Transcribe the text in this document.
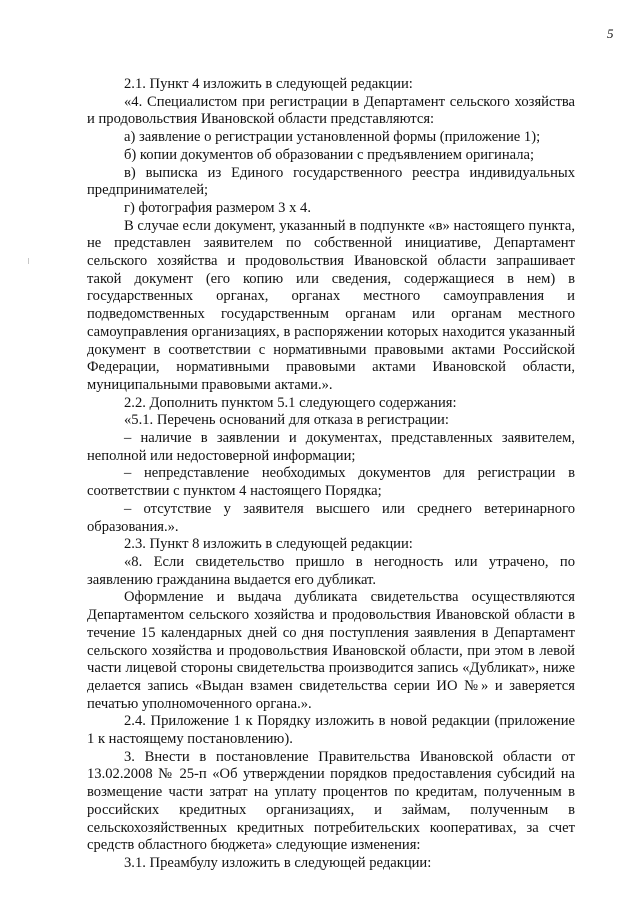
5

2.1. Пункт 4 изложить в следующей редакции:

«4. Специалистом при регистрации в Департамент сельского хозяйства и продовольствия Ивановской области представляются:

а) заявление о регистрации установленной формы (приложение 1);

б) копии документов об образовании с предъявлением оригинала;

в) выписка из Единого государственного реестра индивидуальных предпринимателей;

г) фотография размером 3 х 4.

В случае если документ, указанный в подпункте «в» настоящего пункта, не представлен заявителем по собственной инициативе, Департамент сельского хозяйства и продовольствия Ивановской области запрашивает такой документ (его копию или сведения, содержащиеся в нем) в государственных органах, органах местного самоуправления и подведомственных государственным органам или органам местного самоуправления организациях, в распоряжении которых находится указанный документ в соответствии с нормативными правовыми актами Российской Федерации, нормативными правовыми актами Ивановской области, муниципальными правовыми актами.».

2.2. Дополнить пунктом 5.1 следующего содержания:

«5.1. Перечень оснований для отказа в регистрации:

– наличие в заявлении и документах, представленных заявителем, неполной или недостоверной информации;

– непредставление необходимых документов для регистрации в соответствии с пунктом 4 настоящего Порядка;

– отсутствие у заявителя высшего или среднего ветеринарного образования.».

2.3. Пункт 8 изложить в следующей редакции:

«8. Если свидетельство пришло в негодность или утрачено, по заявлению гражданина выдается его дубликат.

Оформление и выдача дубликата свидетельства осуществляются Департаментом сельского хозяйства и продовольствия Ивановской области в течение 15 календарных дней со дня поступления заявления в Департамент сельского хозяйства и продовольствия Ивановской области, при этом в левой части лицевой стороны свидетельства производится запись «Дубликат», ниже делается запись «Выдан взамен свидетельства серии ИО №» и заверяется печатью уполномоченного органа.».

2.4. Приложение 1 к Порядку изложить в новой редакции (приложение 1 к настоящему постановлению).

3. Внести в постановление Правительства Ивановской области от 13.02.2008 № 25-п «Об утверждении порядков предоставления субсидий на возмещение части затрат на уплату процентов по кредитам, полученным в российских кредитных организациях, и займам, полученным в сельскохозяйственных кредитных потребительских кооперативах, за счет средств областного бюджета» следующие изменения:

3.1. Преамбулу изложить в следующей редакции:
